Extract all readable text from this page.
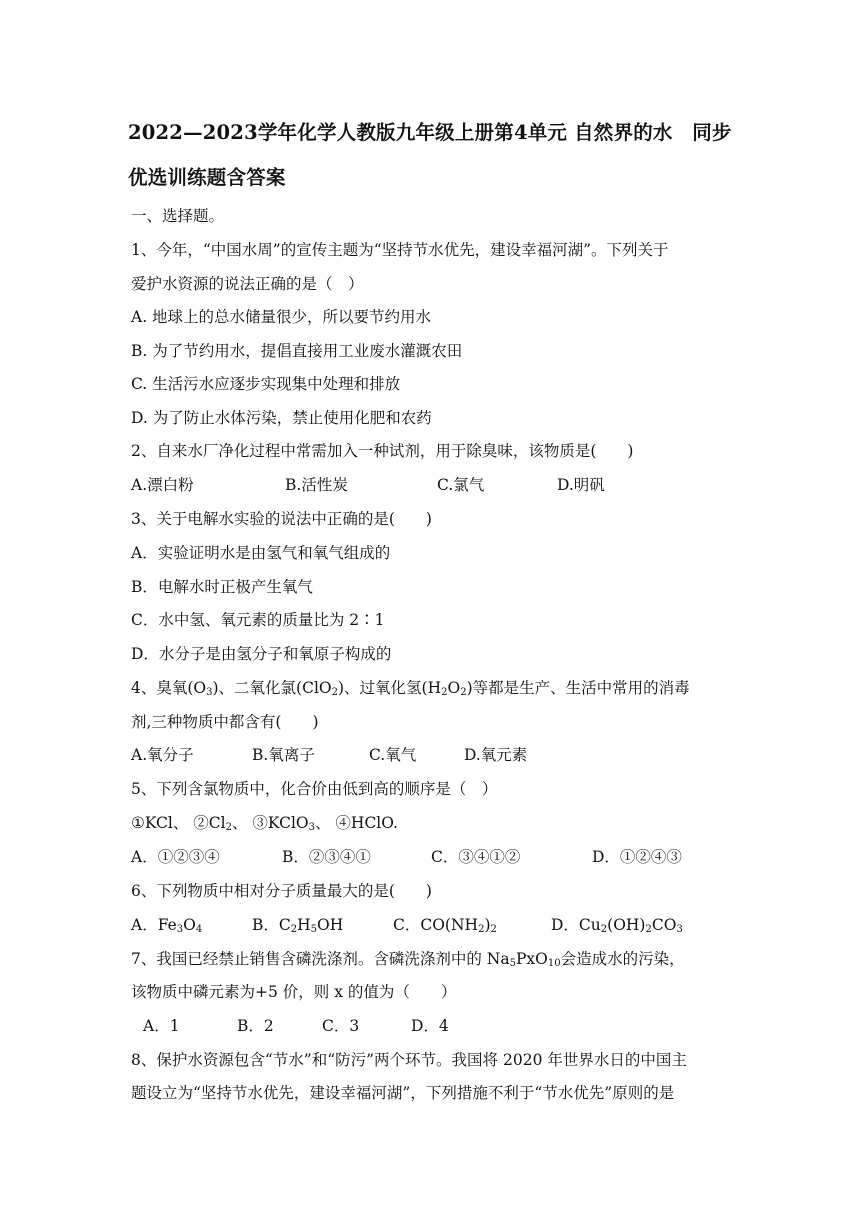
2022—2023学年化学人教版九年级上册第4单元 自然界的水　同步
优选训练题含答案
一、选择题。
1、今年，“中国水周”的宣传主题为“坚持节水优先，建设幸福河湖”。下列关于
爱护水资源的说法正确的是（　）
A. 地球上的总水储量很少，所以要节约用水
B. 为了节约用水，提倡直接用工业废水灌溉农田
C. 生活污水应逐步实现集中处理和排放
D. 为了防止水体污染，禁止使用化肥和农药
2、自来水厂净化过程中常需加入一种试剂，用于除臭味，该物质是(　　)
A.漂白粉	B.活性炭	C.氯气	D.明矾
3、关于电解水实验的说法中正确的是(　　)
A．实验证明水是由氢气和氧气组成的
B．电解水时正极产生氧气
C．水中氢、氧元素的质量比为 2∶1
D．水分子是由氢分子和氧原子构成的
4、臭氧$(O_3)$、二氧化氯(ClO$_2$)、过氧化氢$(H_2O_2)$等都是生产、生活中常用的消毒
剂,三种物质中都含有(　　)
A.氧分子	B.氧离子	C.氧气	D.氧元素
5、下列含氯物质中，化合价由低到高的顺序是（　）
①KCl、 $②Cl_2$、 ③KClO$_3$、 ④HClO.
A．①②③④	B．②③④①	C．③④①②	D．①②④③
6、下列物质中相对分子质量最大的是(　　)
A．$Fe_3O_4$	B．$C_2H_5OH$	C．$CO(NH_2)_2$	D．$Cu_2(OH)_2CO_3$
7、我国已经禁止销售含磷洗涤剂。含磷洗涤剂中的 $Na_5PxO_{10}$会造成水的污染，
该物质中磷元素为+5 价，则 x 的值为（　　）
A．1	B．2	C．3	D．4
8、保护水资源包含“节水”和“防污”两个环节。我国将 2020 年世界水日的中国主
题设立为“坚持节水优先，建设幸福河湖”，下列措施不利于“节水优先”原则的是
